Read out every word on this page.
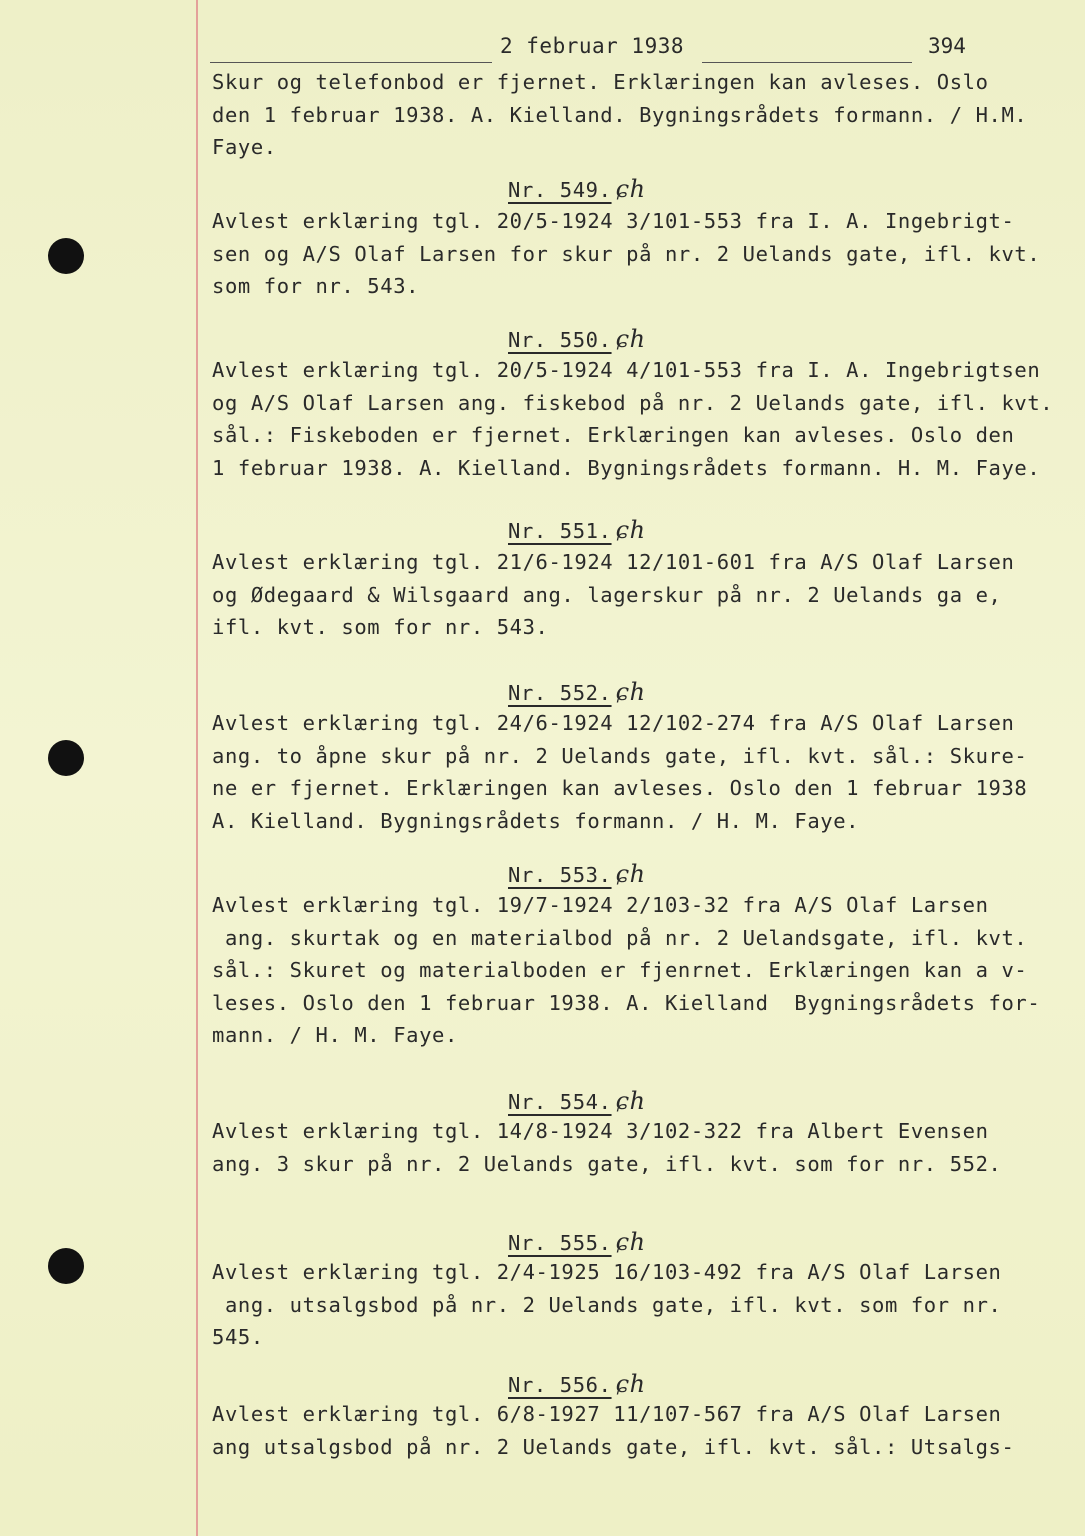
2 februar 1938	394
Skur og telefonbod er fjernet. Erklæringen kan avleses. Oslo
den 1 februar 1938. A. Kielland. Bygningsrådets formann. / H.M.
Faye.
Nr. 549. ɕh
Avlest erklæring tgl. 20/5-1924 3/101-553 fra I. A. Ingebrigt-
sen og A/S Olaf Larsen for skur på nr. 2 Uelands gate, ifl. kvt.
som for nr. 543.
Nr. 550. ɕh
Avlest erklæring tgl. 20/5-1924 4/101-553 fra I. A. Ingebrigtsen
og A/S Olaf Larsen ang. fiskebod på nr. 2 Uelands gate, ifl. kvt.
sål.: Fiskeboden er fjernet. Erklæringen kan avleses. Oslo den
1 februar 1938. A. Kielland. Bygningsrådets formann. H. M. Faye.
Nr. 551. ɕh
Avlest erklæring tgl. 21/6-1924 12/101-601 fra A/S Olaf Larsen
og Ødegaard & Wilsgaard ang. lagerskur på nr. 2 Uelands ga e,
ifl. kvt. som for nr. 543.
Nr. 552. ɕh
Avlest erklæring tgl. 24/6-1924 12/102-274 fra A/S Olaf Larsen
ang. to åpne skur på nr. 2 Uelands gate, ifl. kvt. sål.: Skure-
ne er fjernet. Erklæringen kan avleses. Oslo den 1 februar 1938
A. Kielland. Bygningsrådets formann. / H. M. Faye.
Nr. 553. ɕh
Avlest erklæring tgl. 19/7-1924 2/103-32 fra A/S Olaf Larsen
ang. skurtak og en materialbod på nr. 2 Uelandsgate, ifl. kvt.
sål.: Skuret og materialboden er fjenrnet. Erklæringen kan a v-
leses. Oslo den 1 februar 1938. A. Kielland  Bygningsrådets for-
mann. / H. M. Faye.
Nr. 554. ɕh
Avlest erklæring tgl. 14/8-1924 3/102-322 fra Albert Evensen
ang. 3 skur på nr. 2 Uelands gate, ifl. kvt. som for nr. 552.
Nr. 555. ɕh
Avlest erklæring tgl. 2/4-1925 16/103-492 fra A/S Olaf Larsen
ang. utsalgsbod på nr. 2 Uelands gate, ifl. kvt. som for nr.
545.
Nr. 556. ɕh
Avlest erklæring tgl. 6/8-1927 11/107-567 fra A/S Olaf Larsen
ang utsalgsbod på nr. 2 Uelands gate, ifl. kvt. sål.: Utsalgs-
